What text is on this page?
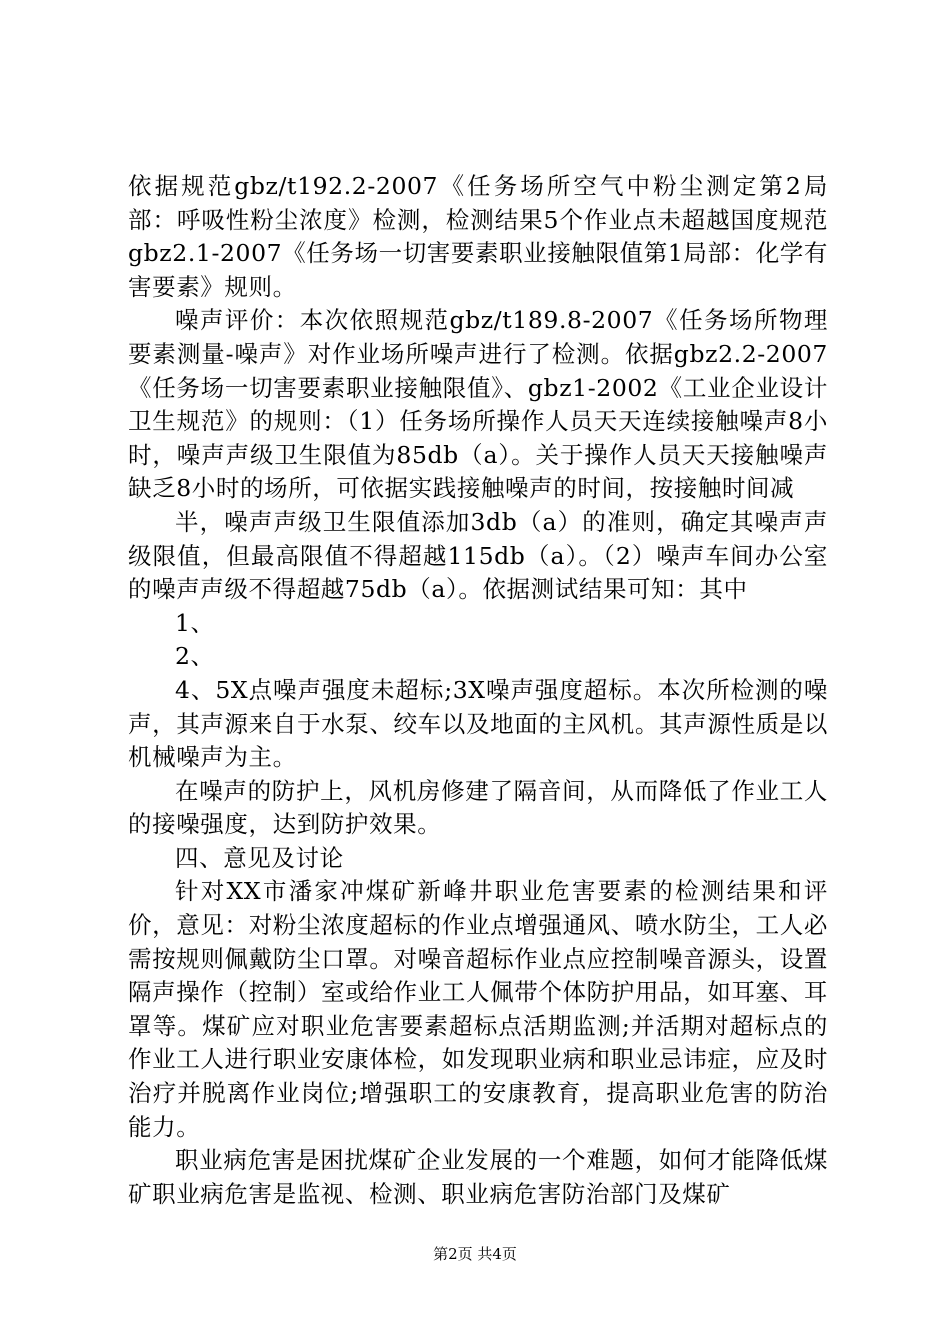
依据规范gbz/t192.2-2007《任务场所空气中粉尘测定第2局部：呼吸性粉尘浓度》检测，检测结果5个作业点未超越国度规范gbz2.1-2007《任务场一切害要素职业接触限值第1局部：化学有害要素》规则。

噪声评价：本次依照规范gbz/t189.8-2007《任务场所物理要素测量-噪声》对作业场所噪声进行了检测。依据gbz2.2-2007《任务场一切害要素职业接触限值》、gbz1-2002《工业企业设计卫生规范》的规则：（1）任务场所操作人员天天连续接触噪声8小时，噪声声级卫生限值为85db（a）。关于操作人员天天接触噪声缺乏8小时的场所，可依据实践接触噪声的时间，按接触时间减

半，噪声声级卫生限值添加3db（a）的准则，确定其噪声声级限值，但最高限值不得超越115db（a）。（2）噪声车间办公室的噪声声级不得超越75db（a）。依据测试结果可知：其中

1、

2、

4、5X点噪声强度未超标;3X噪声强度超标。本次所检测的噪声，其声源来自于水泵、绞车以及地面的主风机。其声源性质是以机械噪声为主。

在噪声的防护上，风机房修建了隔音间，从而降低了作业工人的接噪强度，达到防护效果。

四、意见及讨论

针对XX市潘家冲煤矿新峰井职业危害要素的检测结果和评价，意见：对粉尘浓度超标的作业点增强通风、喷水防尘，工人必需按规则佩戴防尘口罩。对噪音超标作业点应控制噪音源头，设置隔声操作（控制）室或给作业工人佩带个体防护用品，如耳塞、耳罩等。煤矿应对职业危害要素超标点活期监测;并活期对超标点的作业工人进行职业安康体检，如发现职业病和职业忌讳症，应及时治疗并脱离作业岗位;增强职工的安康教育，提高职业危害的防治能力。

职业病危害是困扰煤矿企业发展的一个难题，如何才能降低煤矿职业病危害是监视、检测、职业病危害防治部门及煤矿

第2页 共4页
